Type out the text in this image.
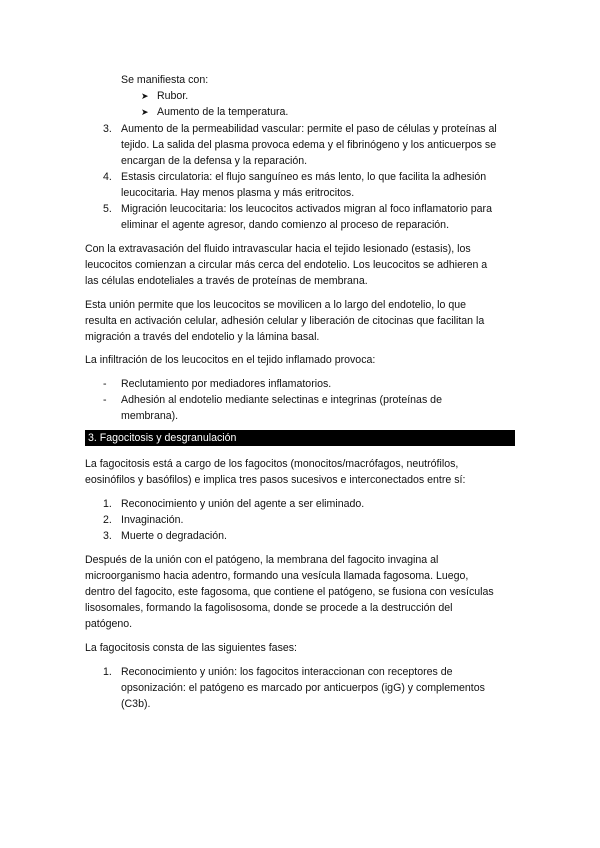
Se manifiesta con:
➤ Rubor.
➤ Aumento de la temperatura.
3. Aumento de la permeabilidad vascular: permite el paso de células y proteínas al
tejido. La salida del plasma provoca edema y el fibrinógeno y los anticuerpos se
encargan de la defensa y la reparación.
4. Estasis circulatoria: el flujo sanguíneo es más lento, lo que facilita la adhesión
leucocitaria. Hay menos plasma y más eritrocitos.
5. Migración leucocitaria: los leucocitos activados migran al foco inflamatorio para
eliminar el agente agresor, dando comienzo al proceso de reparación.
Con la extravasación del fluido intravascular hacia el tejido lesionado (estasis), los
leucocitos comienzan a circular más cerca del endotelio. Los leucocitos se adhieren a
las células endoteliales a través de proteínas de membrana.
Esta unión permite que los leucocitos se movilicen a lo largo del endotelio, lo que
resulta en activación celular, adhesión celular y liberación de citocinas que facilitan la
migración a través del endotelio y la lámina basal.
La infiltración de los leucocitos en el tejido inflamado provoca:
- Reclutamiento por mediadores inflamatorios.
- Adhesión al endotelio mediante selectinas e integrinas (proteínas de
membrana).
3. Fagocitosis y desgranulación
La fagocitosis está a cargo de los fagocitos (monocitos/macrófagos, neutrófilos,
eosinófilos y basófilos) e implica tres pasos sucesivos e interconectados entre sí:
1. Reconocimiento y unión del agente a ser eliminado.
2. Invaginación.
3. Muerte o degradación.
Después de la unión con el patógeno, la membrana del fagocito invagina al
microorganismo hacia adentro, formando una vesícula llamada fagosoma. Luego,
dentro del fagocito, este fagosoma, que contiene el patógeno, se fusiona con vesículas
lisosomales, formando la fagolisosoma, donde se procede a la destrucción del
patógeno.
La fagocitosis consta de las siguientes fases:
1. Reconocimiento y unión: los fagocitos interaccionan con receptores de
opsonización: el patógeno es marcado por anticuerpos (igG) y complementos
(C3b).
